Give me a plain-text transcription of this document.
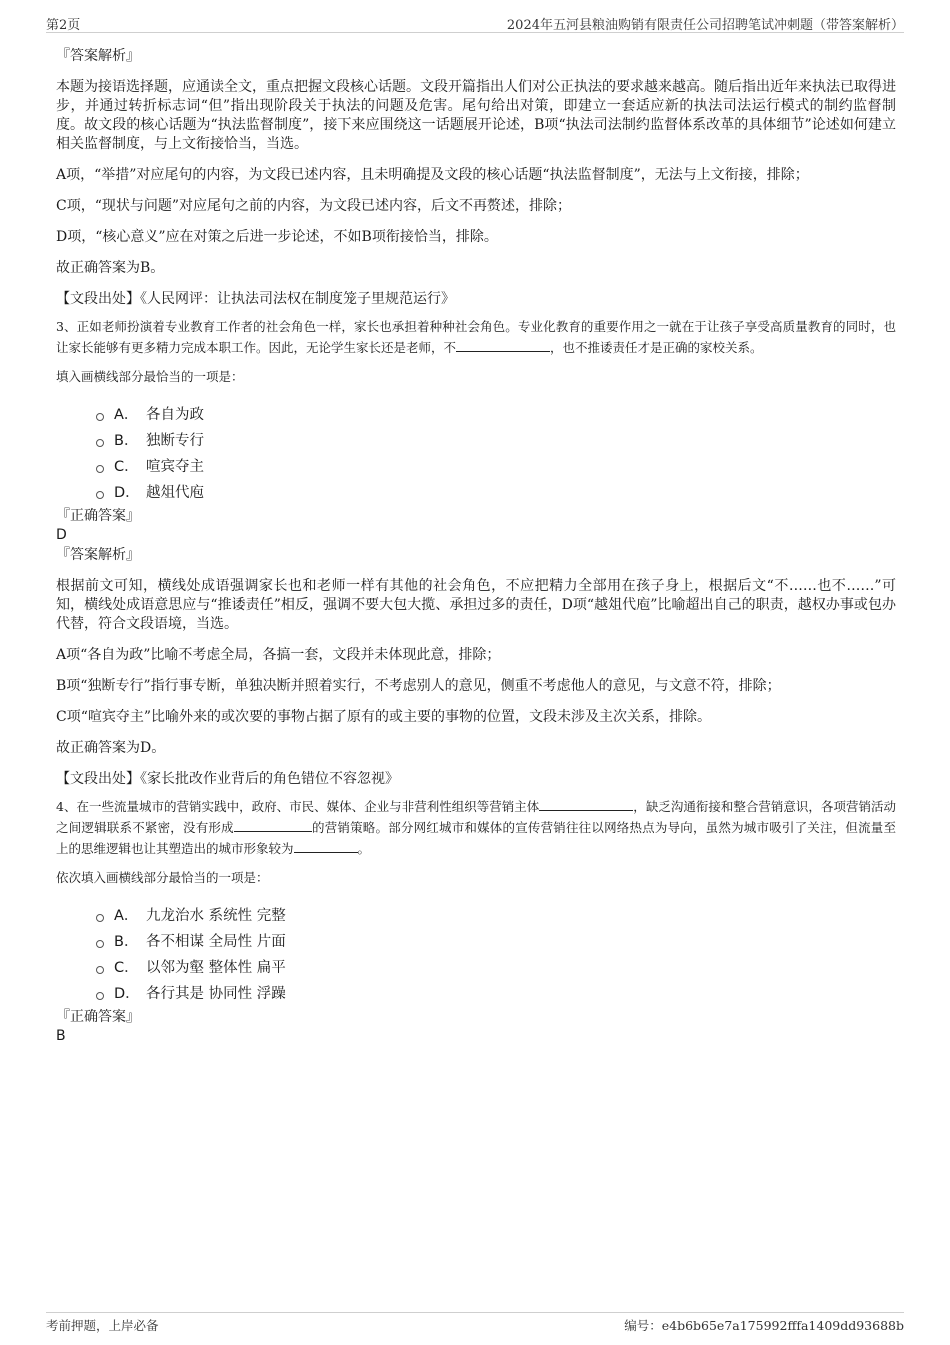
第2页	2024年五河县粮油购销有限责任公司招聘笔试冲刺题（带答案解析）
『答案解析』

本题为接语选择题，应通读全文，重点把握文段核心话题。文段开篇指出人们对公正执法的要求越来越高。随后指出近年来执法已取得进步，并通过转折标志词“但”指出现阶段关于执法的问题及危害。尾句给出对策，即建立一套适应新的执法司法运行模式的制约监督制度。故文段的核心话题为“执法监督制度”，接下来应围绕这一话题展开论述，B项“执法司法制约监督体系改革的具体细节”论述如何建立相关监督制度，与上文衔接恰当，当选。

A项，“举措”对应尾句的内容，为文段已述内容，且未明确提及文段的核心话题“执法监督制度”，无法与上文衔接，排除；

C项，“现状与问题”对应尾句之前的内容，为文段已述内容，后文不再赘述，排除；

D项，“核心意义”应在对策之后进一步论述，不如B项衔接恰当，排除。

故正确答案为B。

【文段出处】《人民网评：让执法司法权在制度笼子里规范运行》

3、正如老师扮演着专业教育工作者的社会角色一样，家长也承担着种种社会角色。专业化教育的重要作用之一就在于让孩子享受高质量教育的同时，也让家长能够有更多精力完成本职工作。因此，无论学生家长还是老师，不	，也不推诿责任才是正确的家校关系。

填入画横线部分最恰当的一项是：

A． 各自为政
B． 独断专行
C． 喧宾夺主
D． 越俎代庖
『正确答案』
D
『答案解析』

根据前文可知，横线处成语强调家长也和老师一样有其他的社会角色，不应把精力全部用在孩子身上，根据后文“不……也不……”可知，横线处成语意思应与“推诿责任”相反，强调不要大包大揽、承担过多的责任，D项“越俎代庖”比喻超出自己的职责，越权办事或包办代替，符合文段语境，当选。

A项“各自为政”比喻不考虑全局，各搞一套，文段并未体现此意，排除；

B项“独断专行”指行事专断，单独决断并照着实行，不考虑别人的意见，侧重不考虑他人的意见，与文意不符，排除；

C项“喧宾夺主”比喻外来的或次要的事物占据了原有的或主要的事物的位置，文段未涉及主次关系，排除。

故正确答案为D。

【文段出处】《家长批改作业背后的角色错位不容忽视》

4、在一些流量城市的营销实践中，政府、市民、媒体、企业与非营利性组织等营销主体	，缺乏沟通衔接和整合营销意识，各项营销活动之间逻辑联系不紧密，没有形成	的营销策略。部分网红城市和媒体的宣传营销往往以网络热点为导向，虽然为城市吸引了关注，但流量至上的思维逻辑也让其塑造出的城市形象较为	。

依次填入画横线部分最恰当的一项是：

A． 九龙治水 系统性 完整
B． 各不相谋 全局性 片面
C． 以邻为壑 整体性 扁平
D． 各行其是 协同性 浮躁
『正确答案』
B
考前押题，上岸必备	编号：e4b6b65e7a175992fffa1409dd93688b
